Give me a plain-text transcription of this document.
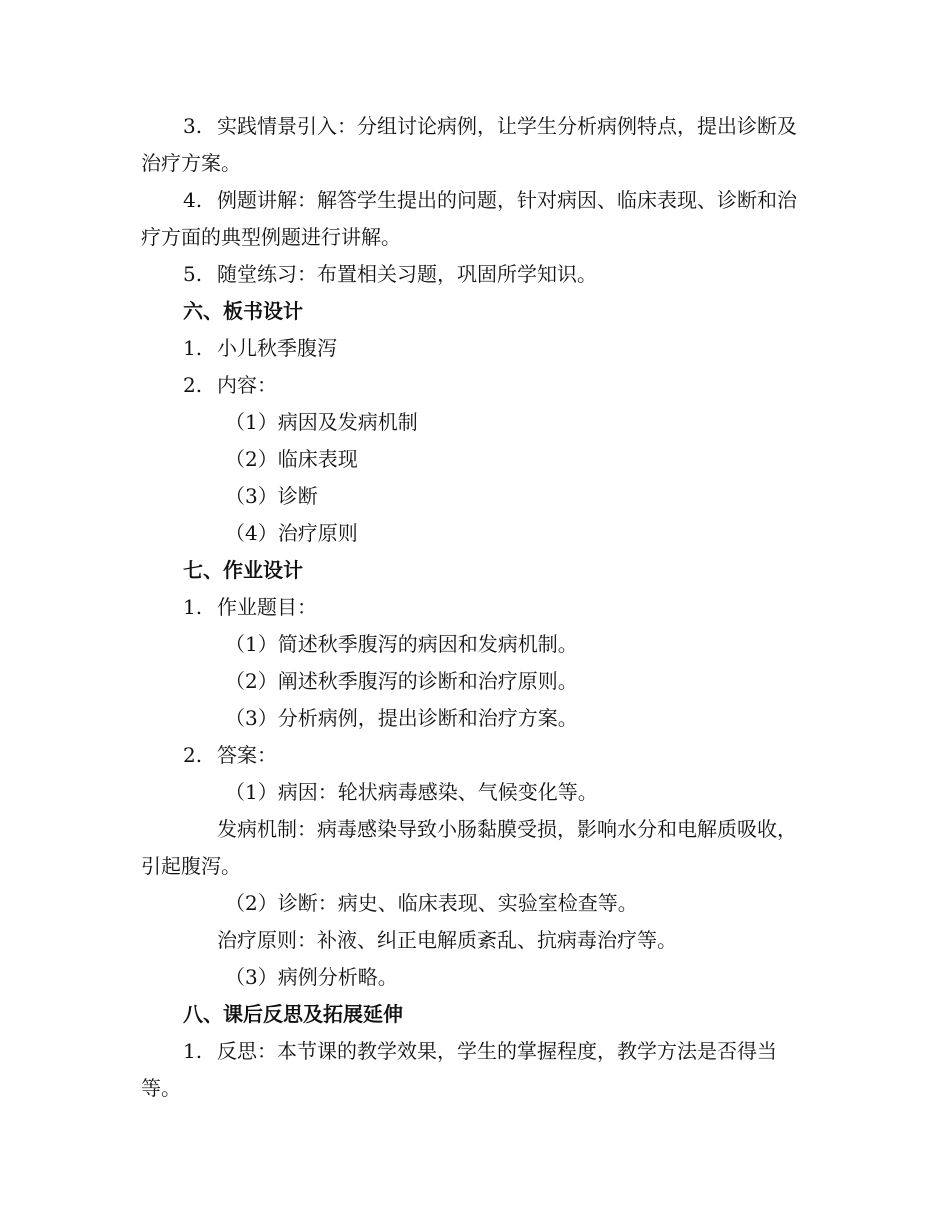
3. 实践情景引入：分组讨论病例，让学生分析病例特点，提出诊断及治疗方案。

4. 例题讲解：解答学生提出的问题，针对病因、临床表现、诊断和治疗方面的典型例题进行讲解。

5. 随堂练习：布置相关习题，巩固所学知识。

六、板书设计

1. 小儿秋季腹泻

2. 内容：

（1）病因及发病机制

（2）临床表现

（3）诊断

（4）治疗原则

七、作业设计

1. 作业题目：

（1）简述秋季腹泻的病因和发病机制。

（2）阐述秋季腹泻的诊断和治疗原则。

（3）分析病例，提出诊断和治疗方案。

2. 答案：

（1）病因：轮状病毒感染、气候变化等。

发病机制：病毒感染导致小肠黏膜受损，影响水分和电解质吸收，引起腹泻。

（2）诊断：病史、临床表现、实验室检查等。

治疗原则：补液、纠正电解质紊乱、抗病毒治疗等。

（3）病例分析略。

八、课后反思及拓展延伸

1. 反思：本节课的教学效果，学生的掌握程度，教学方法是否得当等。
